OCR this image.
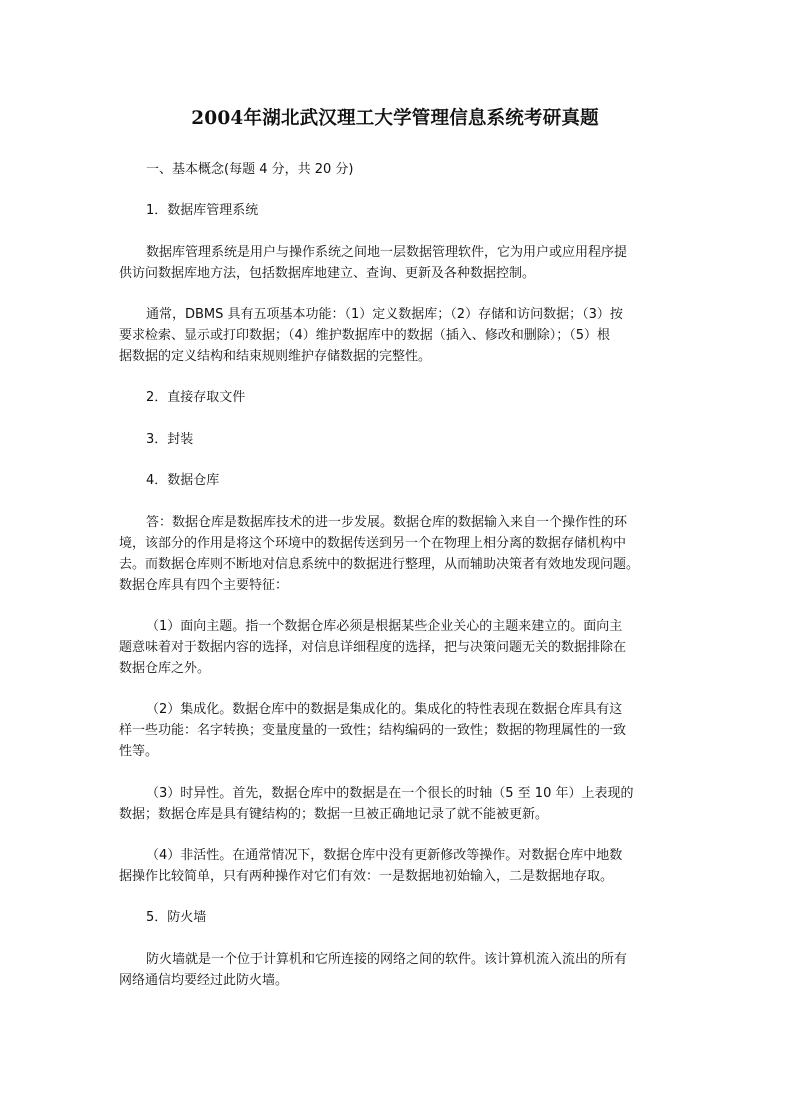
2004年湖北武汉理工大学管理信息系统考研真题
一、基本概念(每题 4 分，共 20 分)
1．数据库管理系统
数据库管理系统是用户与操作系统之间地一层数据管理软件，它为用户或应用程序提
供访问数据库地方法，包括数据库地建立、查询、更新及各种数据控制。
通常，DBMS 具有五项基本功能：（1）定义数据库；（2）存储和访问数据；（3）按
要求检索、显示或打印数据；（4）维护数据库中的数据（插入、修改和删除）；（5）根
据数据的定义结构和结束规则维护存储数据的完整性。
2．直接存取文件
3．封装
4．数据仓库
答：数据仓库是数据库技术的进一步发展。数据仓库的数据输入来自一个操作性的环
境，该部分的作用是将这个环境中的数据传送到另一个在物理上相分离的数据存储机构中
去。而数据仓库则不断地对信息系统中的数据进行整理，从而辅助决策者有效地发现问题。
数据仓库具有四个主要特征：
（1）面向主题。指一个数据仓库必须是根据某些企业关心的主题来建立的。面向主
题意味着对于数据内容的选择，对信息详细程度的选择，把与决策问题无关的数据排除在
数据仓库之外。
（2）集成化。数据仓库中的数据是集成化的。集成化的特性表现在数据仓库具有这
样一些功能：名字转换；变量度量的一致性；结构编码的一致性；数据的物理属性的一致
性等。
（3）时异性。首先，数据仓库中的数据是在一个很长的时轴（5 至 10 年）上表现的
数据；数据仓库是具有键结构的；数据一旦被正确地记录了就不能被更新。
（4）非活性。在通常情况下，数据仓库中没有更新修改等操作。对数据仓库中地数
据操作比较简单，只有两种操作对它们有效：一是数据地初始输入，二是数据地存取。
5．防火墙
防火墙就是一个位于计算机和它所连接的网络之间的软件。该计算机流入流出的所有
网络通信均要经过此防火墙。
